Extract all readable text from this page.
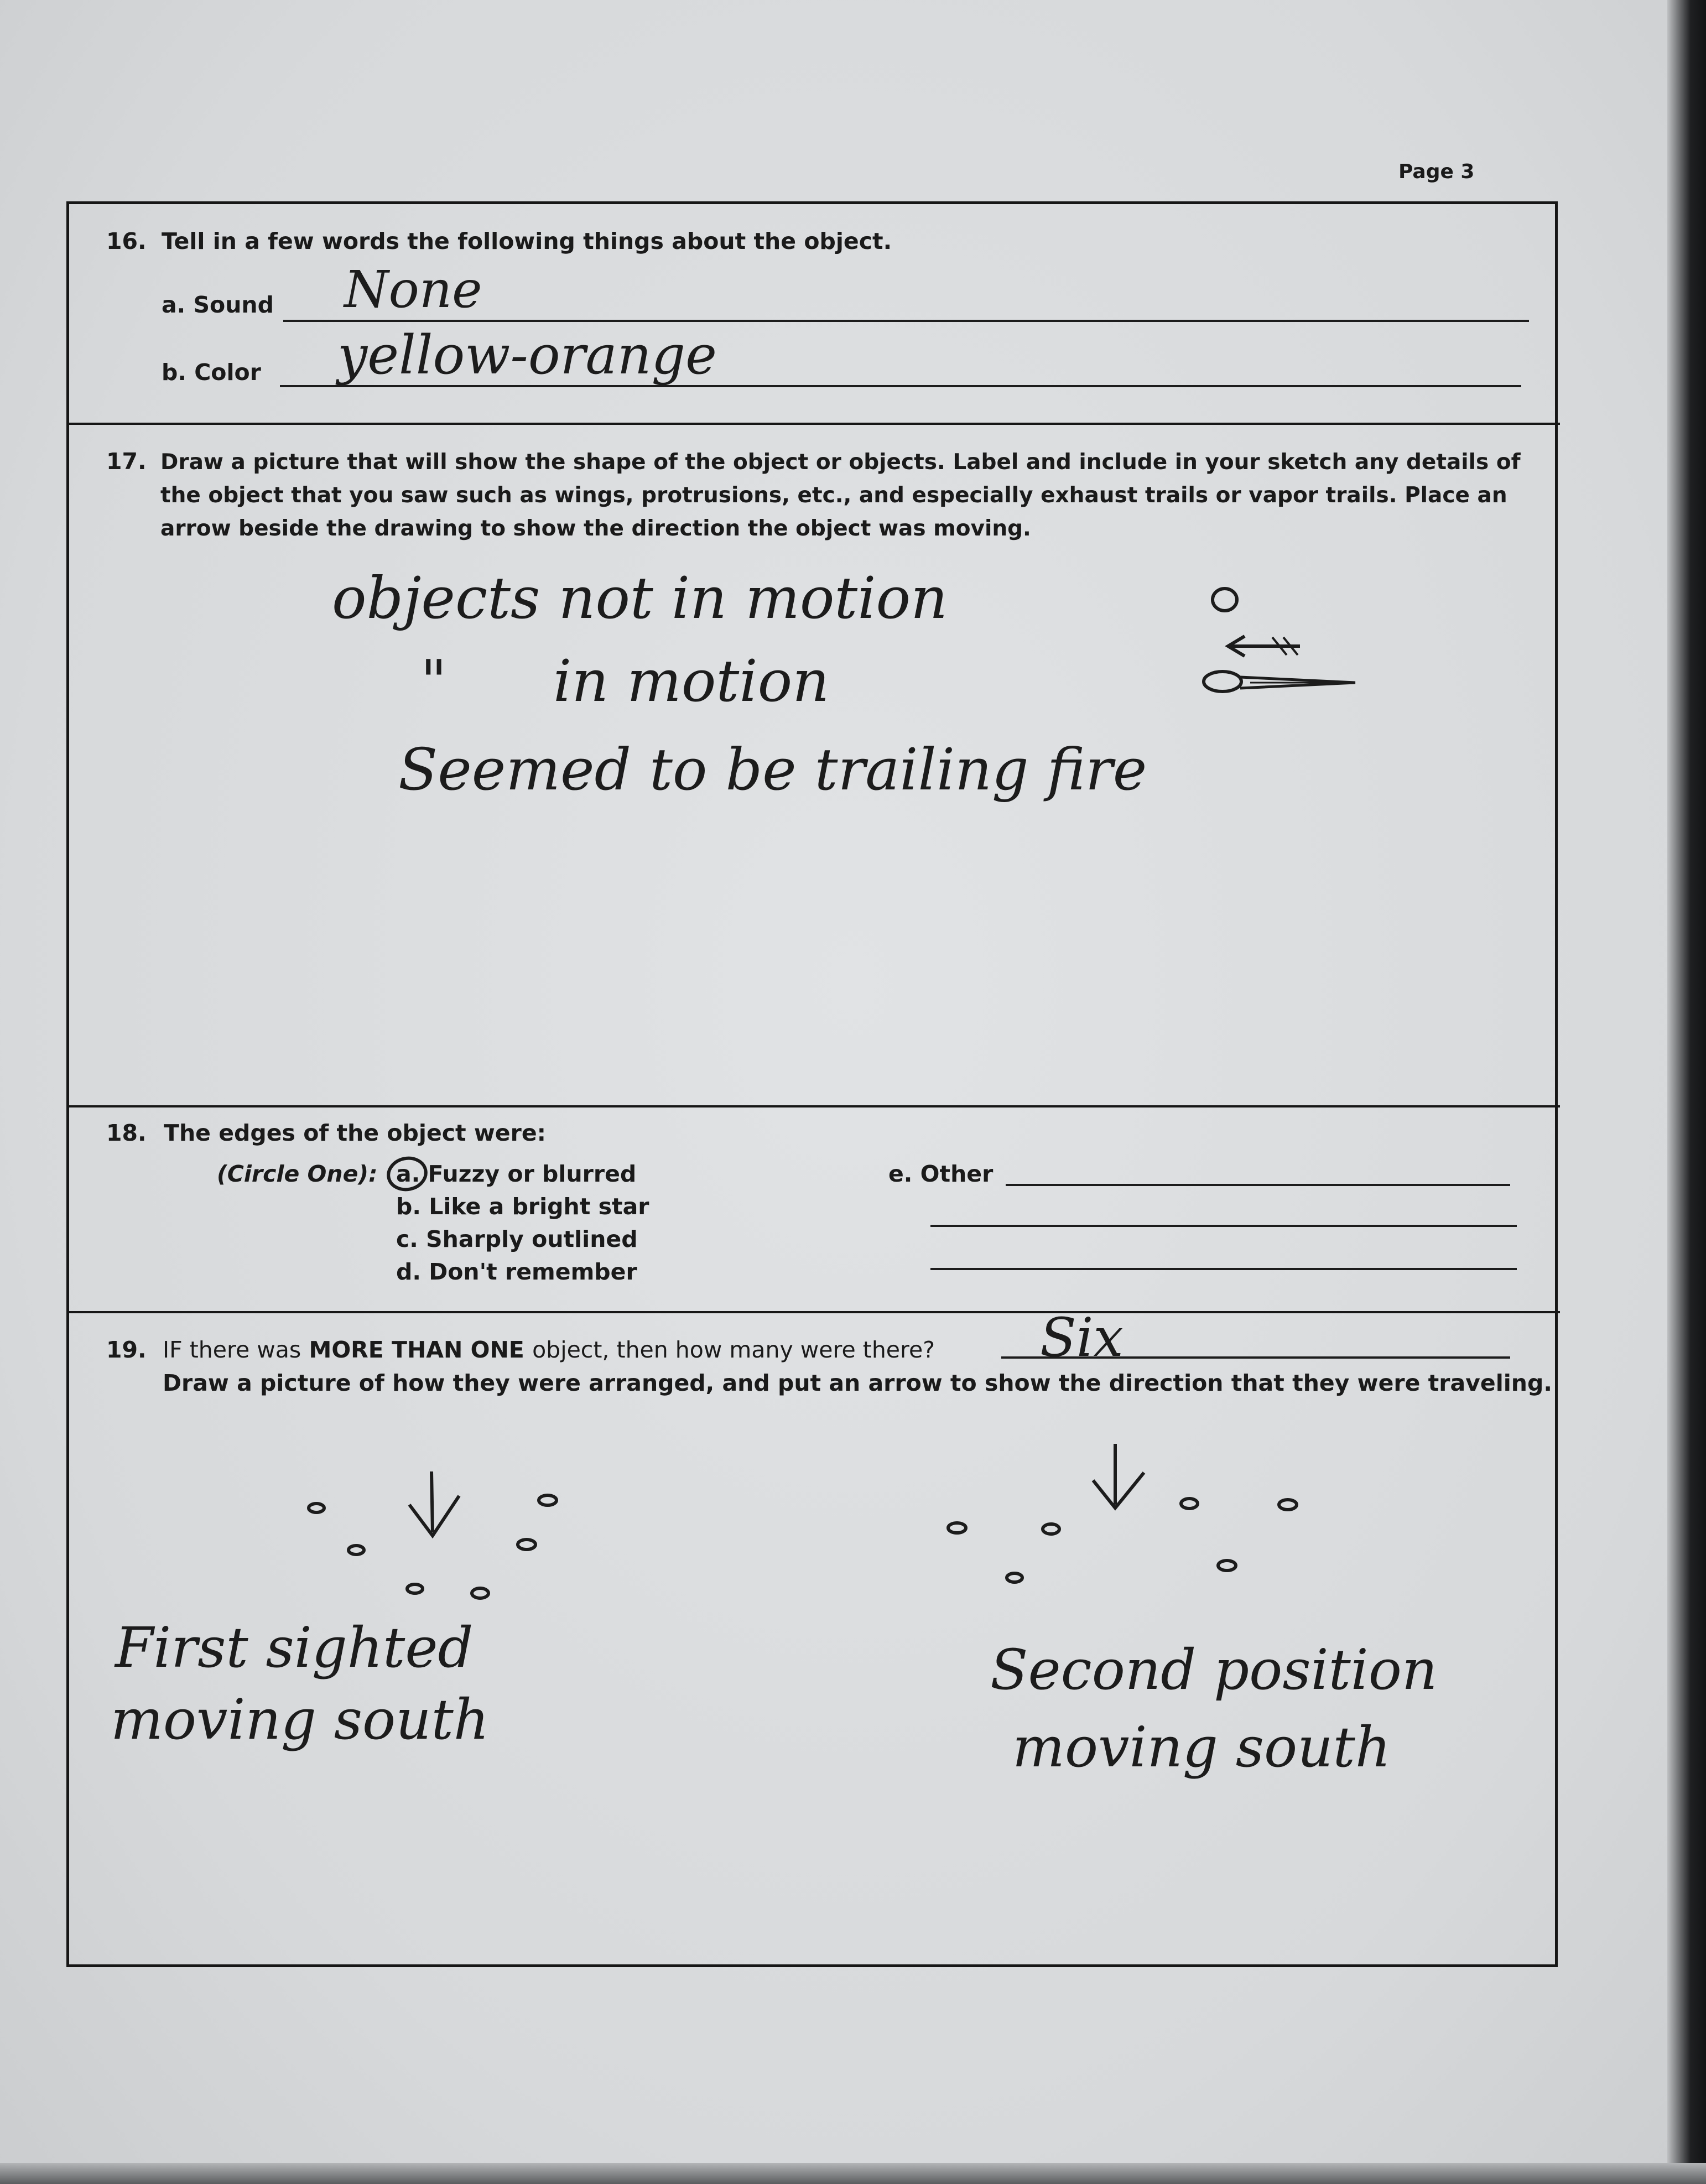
Page 3
16. Tell in a few words the following things about the object.
a. Sound None
b. Color yellow-orange
17. Draw a picture that will show the shape of the object or objects. Label and include in your sketch any details of the object that you saw such as wings, protrusions, etc., and especially exhaust trails or vapor trails. Place an arrow beside the drawing to show the direction the object was moving.
objects not in motion
" in motion
Seemed to be trailing fire
18. The edges of the object were:
(Circle One): a. Fuzzy or blurred
b. Like a bright star
c. Sharply outlined
d. Don't remember
e. Other
19. IF there was MORE THAN ONE object, then how many were there? Six
Draw a picture of how they were arranged, and put an arrow to show the direction that they were traveling.
First sighted
moving south
Second position
moving south
